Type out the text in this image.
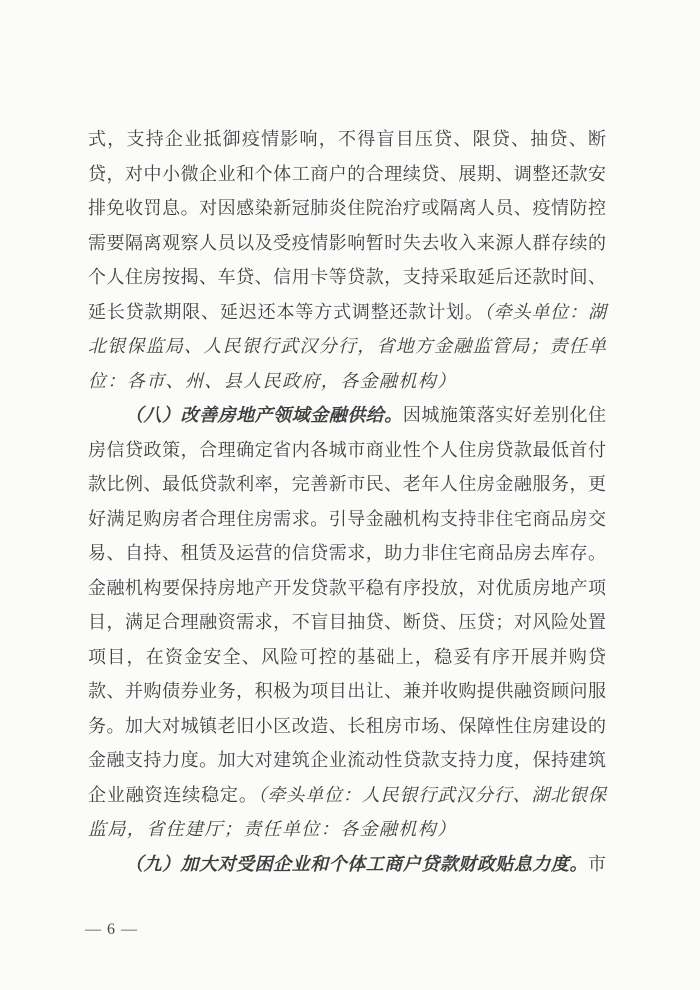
式，支持企业抵御疫情影响，不得盲目压贷、限贷、抽贷、断
贷，对中小微企业和个体工商户的合理续贷、展期、调整还款安
排免收罚息。对因感染新冠肺炎住院治疗或隔离人员、疫情防控
需要隔离观察人员以及受疫情影响暂时失去收入来源人群存续的
个人住房按揭、车贷、信用卡等贷款，支持采取延后还款时间、
延长贷款期限、延迟还本等方式调整还款计划。（牵头单位：湖
北银保监局、人民银行武汉分行，省地方金融监管局；责任单
位：各市、州、县人民政府，各金融机构）
（八）改善房地产领域金融供给。因城施策落实好差别化住
房信贷政策，合理确定省内各城市商业性个人住房贷款最低首付
款比例、最低贷款利率，完善新市民、老年人住房金融服务，更
好满足购房者合理住房需求。引导金融机构支持非住宅商品房交
易、自持、租赁及运营的信贷需求，助力非住宅商品房去库存。
金融机构要保持房地产开发贷款平稳有序投放，对优质房地产项
目，满足合理融资需求，不盲目抽贷、断贷、压贷；对风险处置
项目，在资金安全、风险可控的基础上，稳妥有序开展并购贷
款、并购债券业务，积极为项目出让、兼并收购提供融资顾问服
务。加大对城镇老旧小区改造、长租房市场、保障性住房建设的
金融支持力度。加大对建筑企业流动性贷款支持力度，保持建筑
企业融资连续稳定。（牵头单位：人民银行武汉分行、湖北银保
监局，省住建厅；责任单位：各金融机构）
（九）加大对受困企业和个体工商户贷款财政贴息力度。市
— 6 —
